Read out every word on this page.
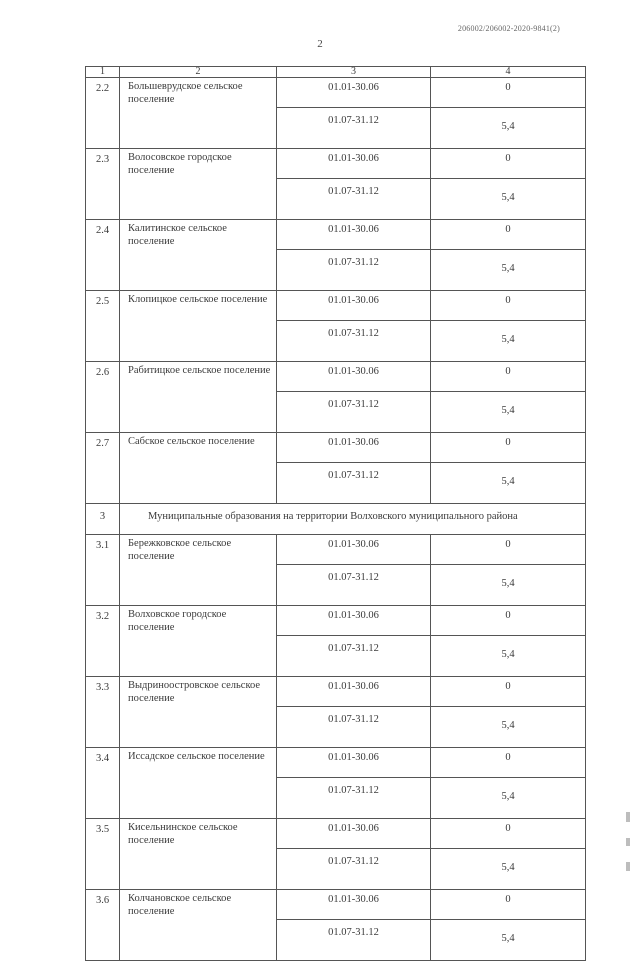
206002/206002-2020-9841(2)
2
1	2	3	4
2.2	Большеврудское сельское поселение	01.01-30.06	0
		01.07-31.12	5,4
2.3	Волосовское городское поселение	01.01-30.06	0
		01.07-31.12	5,4
2.4	Калитинское сельское поселение	01.01-30.06	0
		01.07-31.12	5,4
2.5	Клопицкое сельское поселение	01.01-30.06	0
		01.07-31.12	5,4
2.6	Рабитицкое сельское поселение	01.01-30.06	0
		01.07-31.12	5,4
2.7	Сабское сельское поселение	01.01-30.06	0
		01.07-31.12	5,4
3	Муниципальные образования на территории Волховского муниципального района		
3.1	Бережковское сельское поселение	01.01-30.06	0
		01.07-31.12	5,4
3.2	Волховское городское поселение	01.01-30.06	0
		01.07-31.12	5,4
3.3	Выдриноостровское сельское поселение	01.01-30.06	0
		01.07-31.12	5,4
3.4	Иссадское сельское поселение	01.01-30.06	0
		01.07-31.12	5,4
3.5	Кисельнинское сельское поселение	01.01-30.06	0
		01.07-31.12	5,4
3.6	Колчановское сельское поселение	01.01-30.06	0
		01.07-31.12	5,4
